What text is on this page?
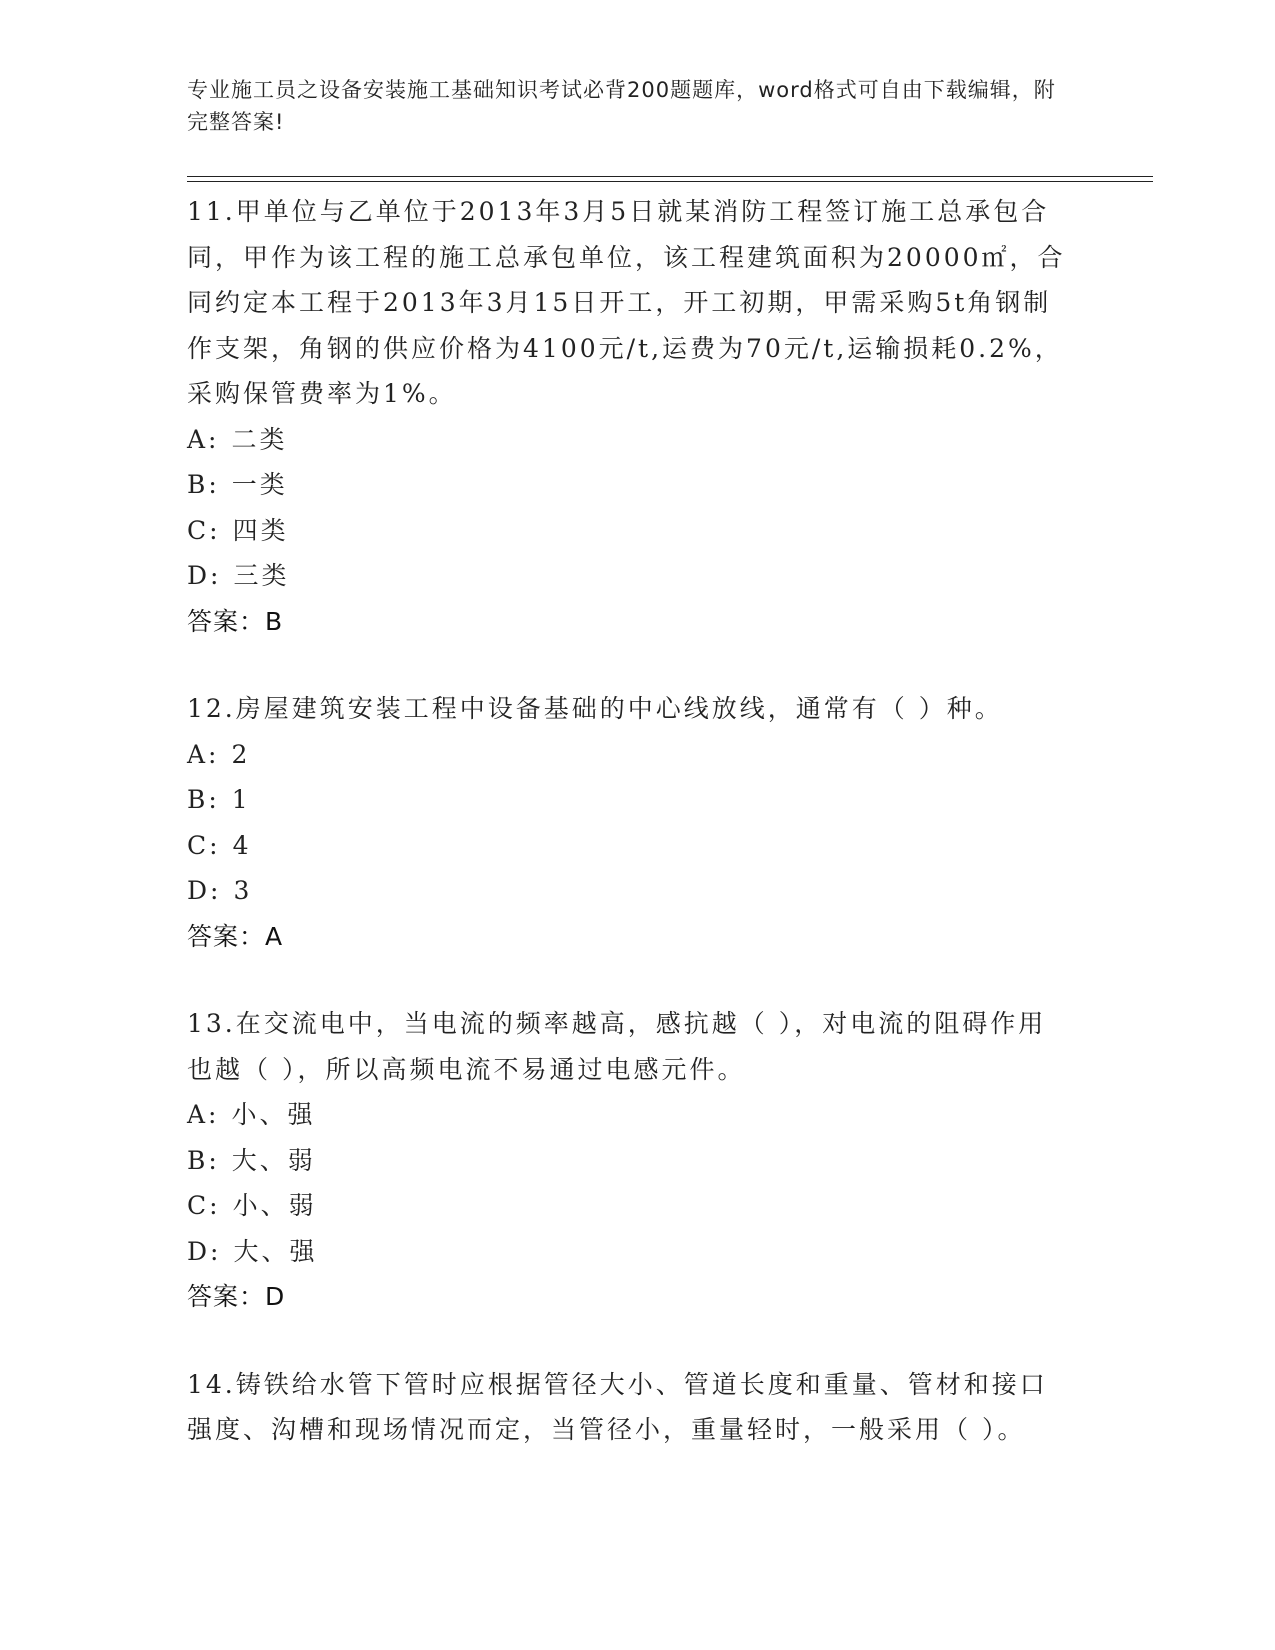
专业施工员之设备安装施工基础知识考试必背200题题库，word格式可自由下载编辑，附完整答案!

11.甲单位与乙单位于2013年3月5日就某消防工程签订施工总承包合同，甲作为该工程的施工总承包单位，该工程建筑面积为20000㎡，合同约定本工程于2013年3月15日开工，开工初期，甲需采购5t角钢制作支架，角钢的供应价格为4100元/t,运费为70元/t,运输损耗0.2%，采购保管费率为1%。

A: 二类

B: 一类

C: 四类

D: 三类

答案：B

12.房屋建筑安装工程中设备基础的中心线放线，通常有（ ）种。

A: 2

B: 1

C: 4

D: 3

答案：A

13.在交流电中，当电流的频率越高，感抗越（ ），对电流的阻碍作用也越（ ），所以高频电流不易通过电感元件。

A: 小、强

B: 大、弱

C: 小、弱

D: 大、强

答案：D

14.铸铁给水管下管时应根据管径大小、管道长度和重量、管材和接口强度、沟槽和现场情况而定，当管径小，重量轻时，一般采用（ ）。
